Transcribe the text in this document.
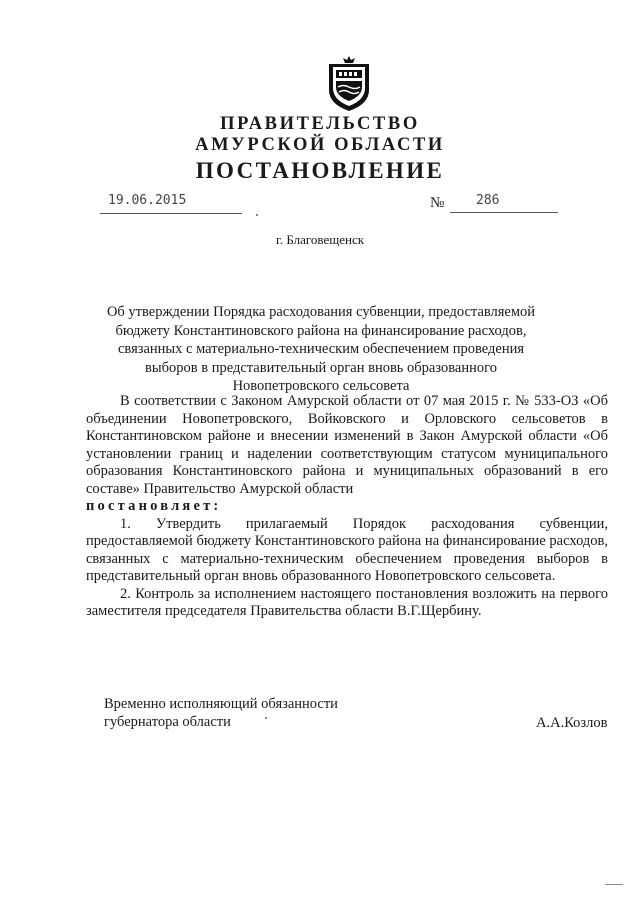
ПРАВИТЕЛЬСТВО
АМУРСКОЙ ОБЛАСТИ
ПОСТАНОВЛЕНИЕ
19.06.2015	№ 286
г. Благовещенск
Об утверждении Порядка расходования субвенции, предоставляемой бюджету Константиновского района на финансирование расходов, связанных с материально-техническим обеспечением проведения выборов в представительный орган вновь образованного Новопетровского сельсовета

В соответствии с Законом Амурской области от 07 мая 2015 г. № 533-ОЗ «Об объединении Новопетровского, Войковского и Орловского сельсоветов в Константиновском районе и внесении изменений в Закон Амурской области «Об установлении границ и наделении соответствующим статусом муниципального образования Константиновского района и муниципальных образований в его составе» Правительство Амурской области

постановляет:

1. Утвердить прилагаемый Порядок расходования субвенции, предоставляемой бюджету Константиновского района на финансирование расходов, связанных с материально-техническим обеспечением проведения выборов в представительный орган вновь образованного Новопетровского сельсовета.

2. Контроль за исполнением настоящего постановления возложить на первого заместителя председателя Правительства области В.Г.Щербину.

Временно исполняющий обязанности
губернатора области	А.А.Козлов
